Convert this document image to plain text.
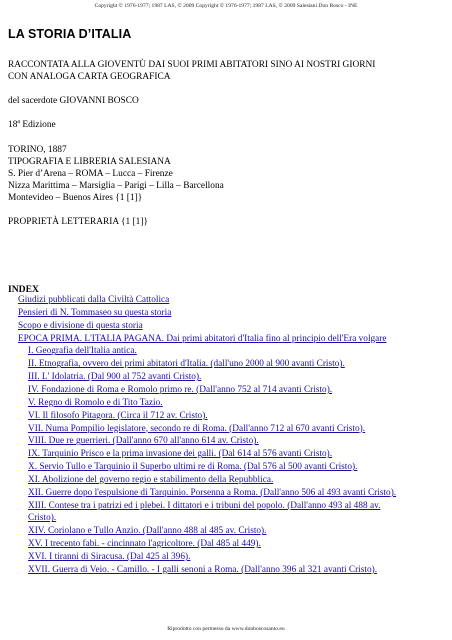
Copyright © 1976-1977; 1987 LAS, © 2009 Copyright © 1976-1977; 1987 LAS, © 2009 Salesiani Don Bosco - INE
LA STORIA D’ITALIA
RACCONTATA ALLA GIOVENTÙ DAI SUOI PRIMI ABITATORI SINO AI NOSTRI GIORNI
CON ANALOGA CARTA GEOGRAFICA
del sacerdote GIOVANNI BOSCO
18$^a$ Edizione
TORINO, 1887
TIPOGRAFIA E LIBRERIA SALESIANA
S. Pier d’Arena – ROMA – Lucca – Firenze
Nizza Marittima – Marsiglia – Parigi – Lilla – Barcellona
Montevideo – Buenos Aires {1 [1]}
PROPRIETÀ LETTERARIA {1 [1]}
INDEX
Giudizi pubblicati dalla Civiltà Cattolica
Pensieri di N. Tommaseo su questa storia
Scopo e divisione di questa storia
EPOCA PRIMA. L'ITALIA PAGANA. Dai primi abitatori d'Italia fino al principio dell'Era volgare
I. Geografia dell'Italia antica.
II. Etnografia, ovvero dei primi abitatori d'Italia. (dall'uno 2000 al 900 avanti Cristo).
III. L' Idolatria. (Dal 900 al 752 avanti Cristo).
IV. Fondazione di Roma e Romolo primo re. (Dall'anno 752 al 714 avanti Cristo).
V. Regno di Romolo e di Tito Tazio.
VI. Il filosofo Pitagora. (Circa il 712 av. Cristo).
VII. Numa Pompilio legislatore, secondo re di Roma. (Dall'anno 712 al 670 avanti Cristo).
VIII. Due re guerrieri. (Dall'anno 670 all'anno 614 av. Cristo).
IX. Tarquinio Prisco e la prima invasione dei galli. (Dal 614 al 576 avanti Cristo).
X. Servio Tullo e Tarquinio il Superbo ultimi re di Roma. (Dal 576 al 500 avanti Cristo).
XI. Abolizione del governo regio e stabilimento della Repubblica.
XII. Guerre dopo l'espulsione di Tarquinio. Porsenna a Roma. (Dall'anno 506 al 493 avanti Cristo).
XIII. Contese tra i patrizi ed i plebei. I dittatori e i tribuni del popolo. (Dall'anno 493 al 488 av.
Cristo).
XIV. Coriolano e Tullo Anzio. (Dall'anno 488 al 485 av. Cristo).
XV. I trecento fabi. - cincinnato l'agricoltore. (Dal 485 al 449).
XVI. I tiranni di Siracusa. (Dal 425 al 396).
XVII. Guerra di Veio. - Camillo. - I galli senoni a Roma. (Dall'anno 396 al 321 avanti Cristo).
Riprodotto con permesso da www.donboscosanto.eu
